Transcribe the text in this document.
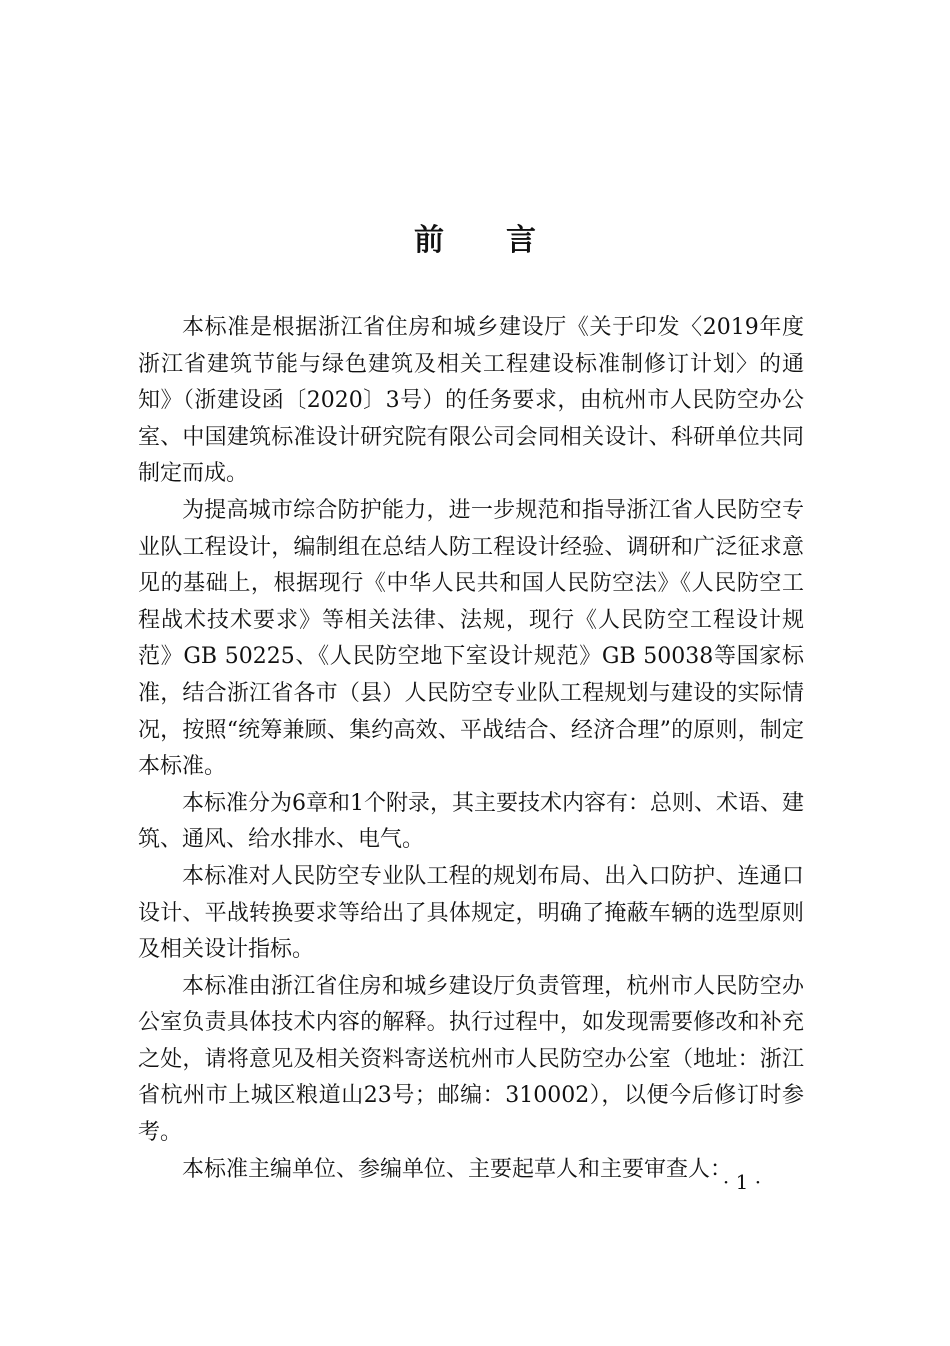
前言

本标准是根据浙江省住房和城乡建设厅《关于印发〈2019年度浙江省建筑节能与绿色建筑及相关工程建设标准制修订计划〉的通知》（浙建设函〔2020〕3号）的任务要求，由杭州市人民防空办公室、中国建筑标准设计研究院有限公司会同相关设计、科研单位共同制定而成。

为提高城市综合防护能力，进一步规范和指导浙江省人民防空专业队工程设计，编制组在总结人防工程设计经验、调研和广泛征求意见的基础上，根据现行《中华人民共和国人民防空法》《人民防空工程战术技术要求》等相关法律、法规，现行《人民防空工程设计规范》GB 50225、《人民防空地下室设计规范》GB 50038等国家标准，结合浙江省各市（县）人民防空专业队工程规划与建设的实际情况，按照“统筹兼顾、集约高效、平战结合、经济合理”的原则，制定本标准。

本标准分为6章和1个附录，其主要技术内容有：总则、术语、建筑、通风、给水排水、电气。

本标准对人民防空专业队工程的规划布局、出入口防护、连通口设计、平战转换要求等给出了具体规定，明确了掩蔽车辆的选型原则及相关设计指标。

本标准由浙江省住房和城乡建设厅负责管理，杭州市人民防空办公室负责具体技术内容的解释。执行过程中，如发现需要修改和补充之处，请将意见及相关资料寄送杭州市人民防空办公室（地址：浙江省杭州市上城区粮道山23号；邮编：310002），以便今后修订时参考。

本标准主编单位、参编单位、主要起草人和主要审查人：

· 1 ·
